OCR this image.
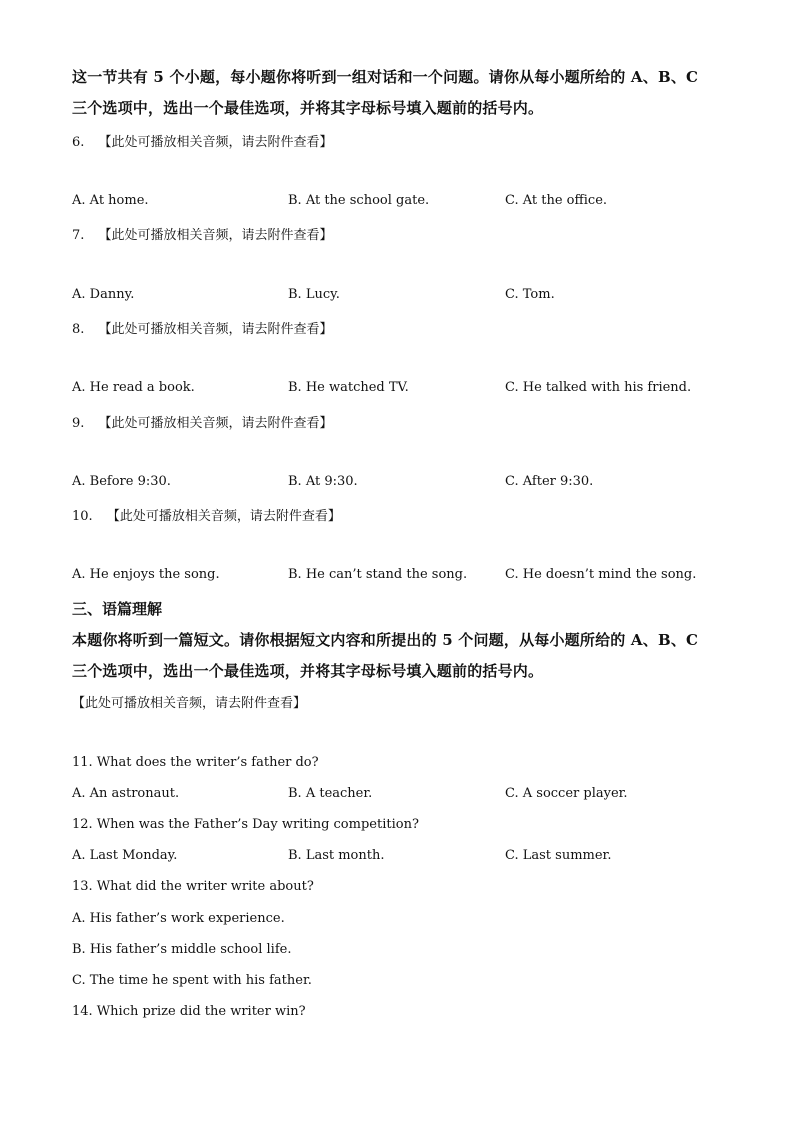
这一节共有 5 个小题，每小题你将听到一组对话和一个问题。请你从每小题所给的 A、B、C
三个选项中，选出一个最佳选项，并将其字母标号填入题前的括号内。
6. 【此处可播放相关音频，请去附件查看】
A. At home.	B. At the school gate.	C. At the office.
7. 【此处可播放相关音频，请去附件查看】
A. Danny.	B. Lucy.	C. Tom.
8. 【此处可播放相关音频，请去附件查看】
A. He read a book.	B. He watched TV.	C. He talked with his friend.
9. 【此处可播放相关音频，请去附件查看】
A. Before 9:30.	B. At 9:30.	C. After 9:30.
10. 【此处可播放相关音频，请去附件查看】
A. He enjoys the song.	B. He can’t stand the song.	C. He doesn’t mind the song.
三、语篇理解
本题你将听到一篇短文。请你根据短文内容和所提出的 5 个问题，从每小题所给的 A、B、C
三个选项中，选出一个最佳选项，并将其字母标号填入题前的括号内。
【此处可播放相关音频，请去附件查看】
11. What does the writer’s father do?
A. An astronaut.	B. A teacher.	C. A soccer player.
12. When was the Father’s Day writing competition?
A. Last Monday.	B. Last month.	C. Last summer.
13. What did the writer write about?
A. His father’s work experience.
B. His father’s middle school life.
C. The time he spent with his father.
14. Which prize did the writer win?
